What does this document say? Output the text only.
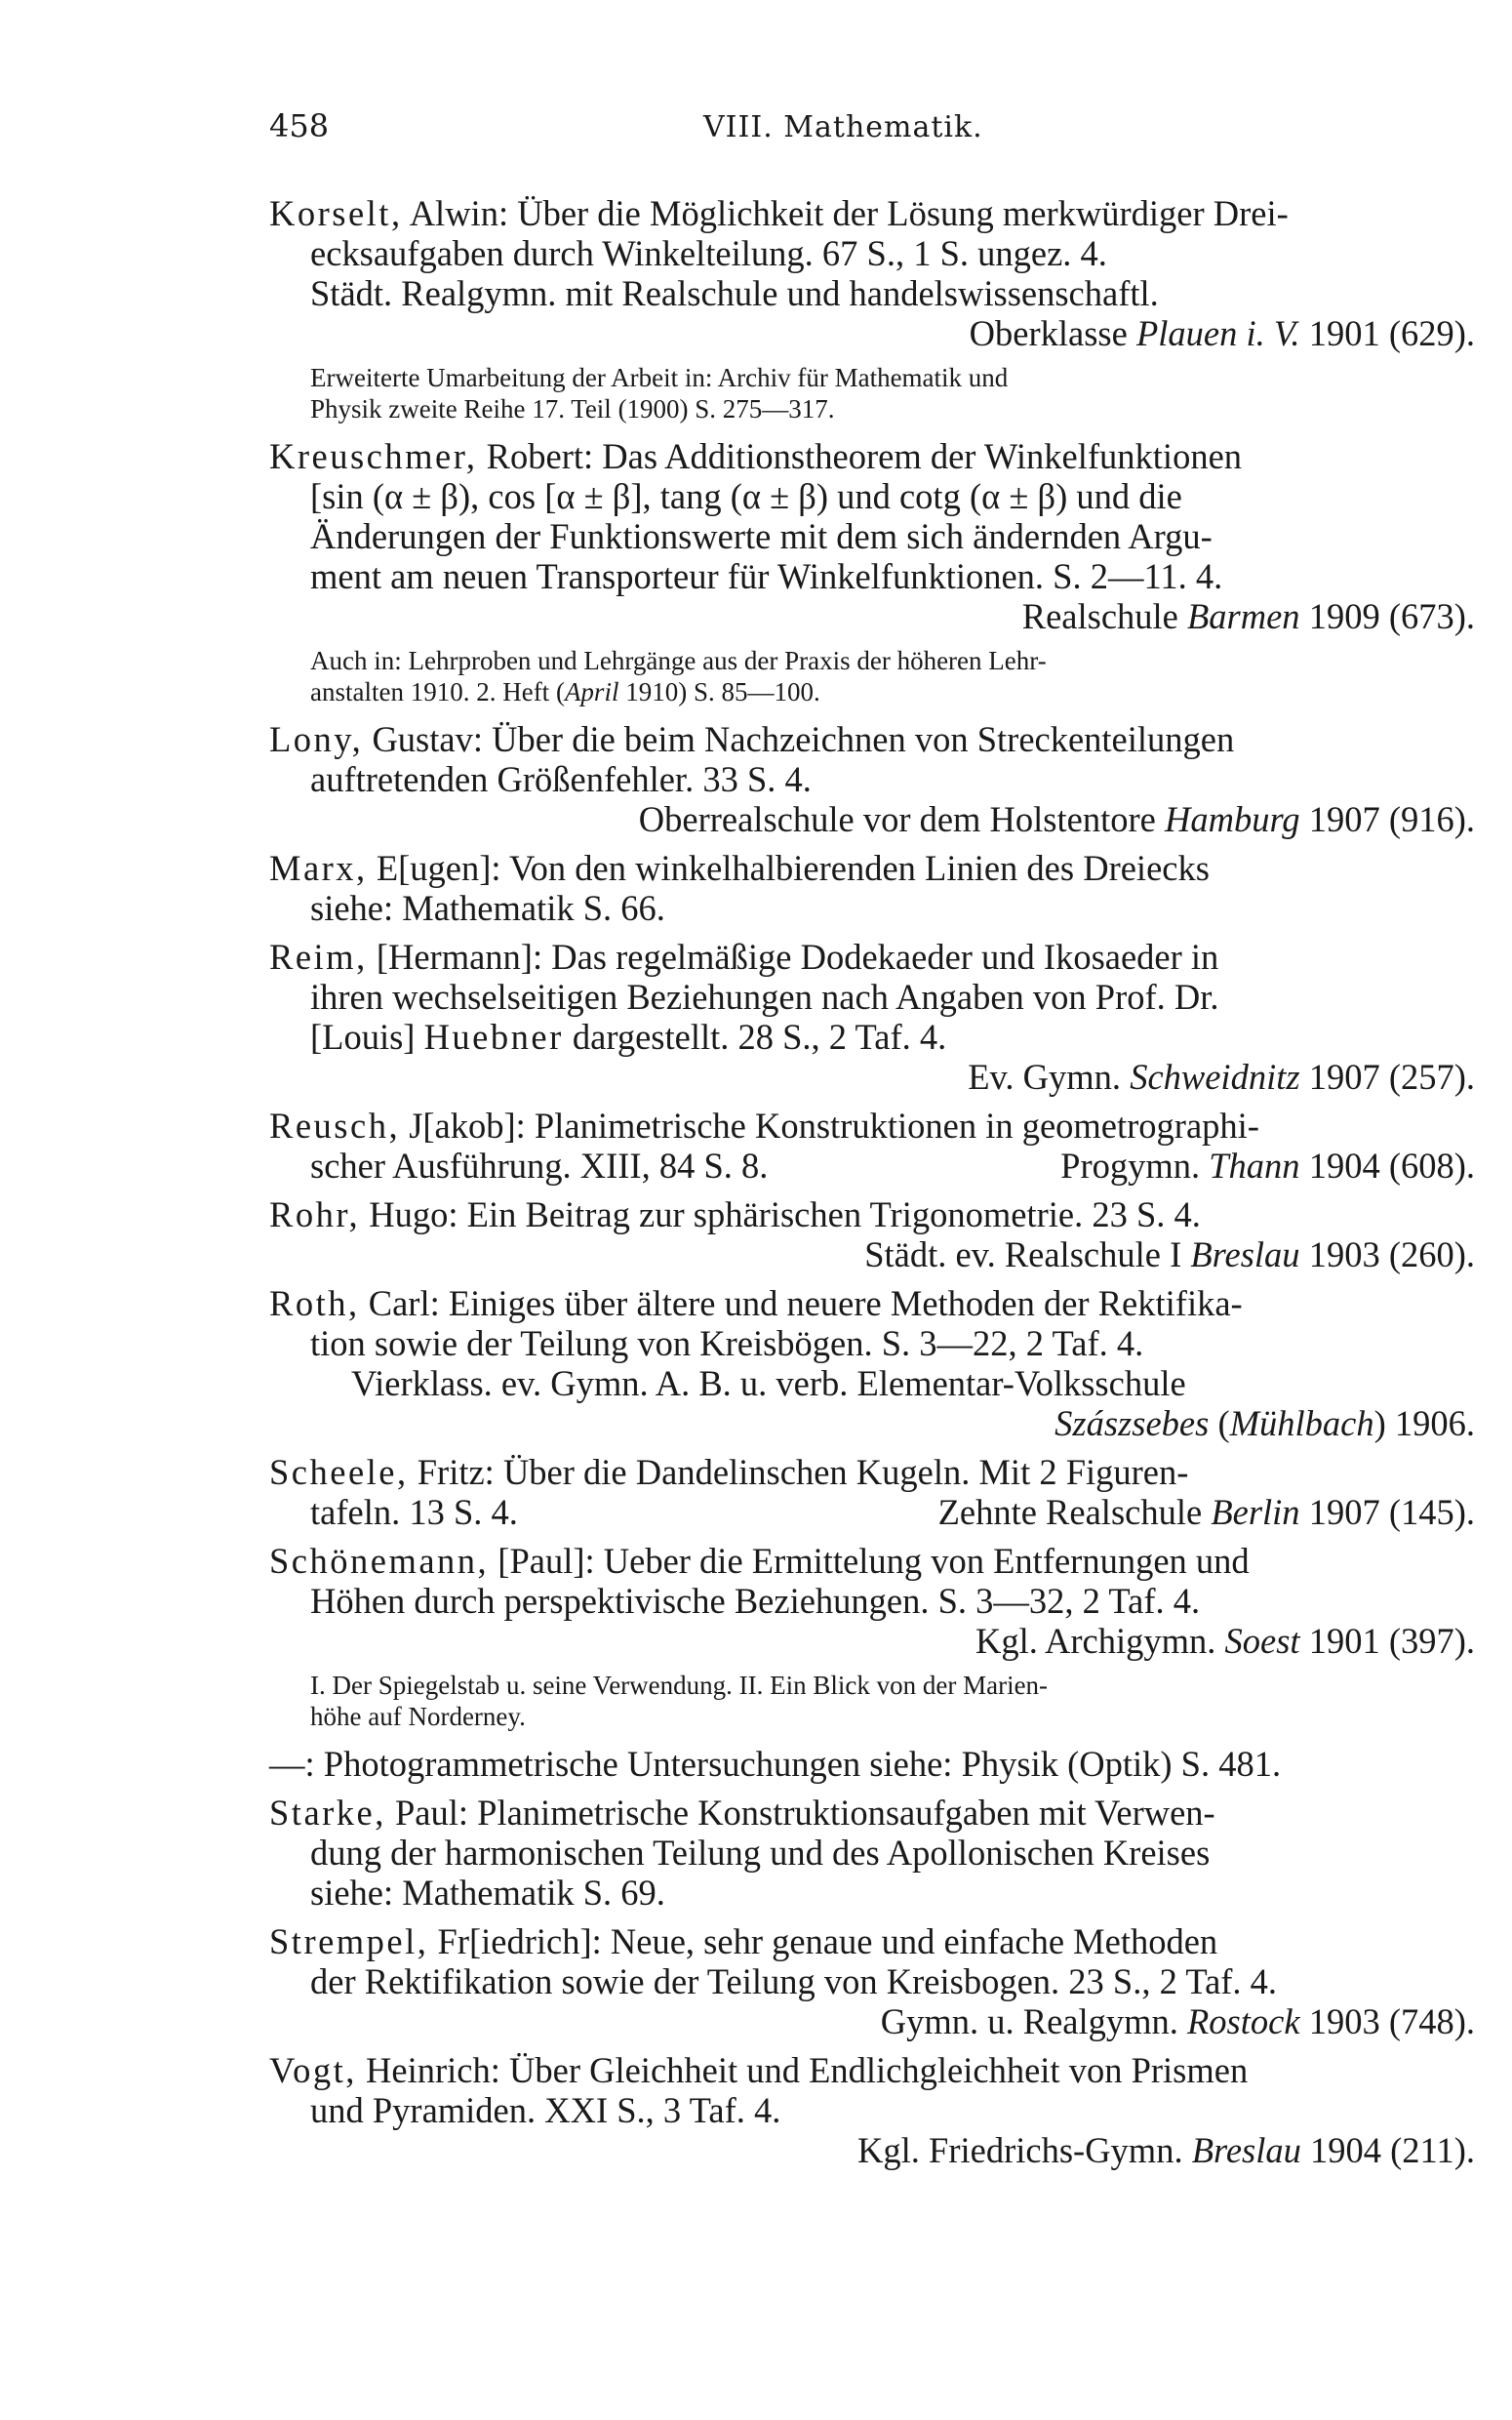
458	VIII. Mathematik.
Korselt, Alwin: Über die Möglichkeit der Lösung merkwürdiger Drei-
ecksaufgaben durch Winkelteilung. 67 S., 1 S. ungez. 4.
Städt. Realgymn. mit Realschule und handelswissenschaftl.
Oberklasse Plauen i. V. 1901 (629).
Erweiterte Umarbeitung der Arbeit in: Archiv für Mathematik und
Physik zweite Reihe 17. Teil (1900) S. 275—317.
Kreuschmer, Robert: Das Additionstheorem der Winkelfunktionen
[sin (α ± β), cos [α ± β], tang (α ± β) und cotg (α ± β) und die
Änderungen der Funktionswerte mit dem sich ändernden Argu-
ment am neuen Transporteur für Winkelfunktionen. S. 2—11. 4.
Realschule Barmen 1909 (673).
Auch in: Lehrproben und Lehrgänge aus der Praxis der höheren Lehr-
anstalten 1910. 2. Heft (April 1910) S. 85—100.
Lony, Gustav: Über die beim Nachzeichnen von Streckenteilungen
auftretenden Größenfehler. 33 S. 4.
Oberrealschule vor dem Holstentore Hamburg 1907 (916).
Marx, E[ugen]: Von den winkelhalbierenden Linien des Dreiecks
siehe: Mathematik S. 66.
Reim, [Hermann]: Das regelmäßige Dodekaeder und Ikosaeder in
ihren wechselseitigen Beziehungen nach Angaben von Prof. Dr.
[Louis] Huebner dargestellt. 28 S., 2 Taf. 4.
Ev. Gymn. Schweidnitz 1907 (257).
Reusch, J[akob]: Planimetrische Konstruktionen in geometrographi-
scher Ausführung. XIII, 84 S. 8.	Progymn. Thann 1904 (608).
Rohr, Hugo: Ein Beitrag zur sphärischen Trigonometrie. 23 S. 4.
Städt. ev. Realschule I Breslau 1903 (260).
Roth, Carl: Einiges über ältere und neuere Methoden der Rektifika-
tion sowie der Teilung von Kreisbögen. S. 3—22, 2 Taf. 4.
Vierklass. ev. Gymn. A. B. u. verb. Elementar-Volksschule
Szászsebes (Mühlbach) 1906.
Scheele, Fritz: Über die Dandelinschen Kugeln. Mit 2 Figuren-
tafeln. 13 S. 4.	Zehnte Realschule Berlin 1907 (145).
Schönemann, [Paul]: Ueber die Ermittelung von Entfernungen und
Höhen durch perspektivische Beziehungen. S. 3—32, 2 Taf. 4.
Kgl. Archigymn. Soest 1901 (397).
I. Der Spiegelstab u. seine Verwendung. II. Ein Blick von der Marien-
höhe auf Norderney.
—: Photogrammetrische Untersuchungen siehe: Physik (Optik) S. 481.
Starke, Paul: Planimetrische Konstruktionsaufgaben mit Verwen-
dung der harmonischen Teilung und des Apollonischen Kreises
siehe: Mathematik S. 69.
Strempel, Fr[iedrich]: Neue, sehr genaue und einfache Methoden
der Rektifikation sowie der Teilung von Kreisbogen. 23 S., 2 Taf. 4.
Gymn. u. Realgymn. Rostock 1903 (748).
Vogt, Heinrich: Über Gleichheit und Endlichgleichheit von Prismen
und Pyramiden. XXI S., 3 Taf. 4.
Kgl. Friedrichs-Gymn. Breslau 1904 (211).
